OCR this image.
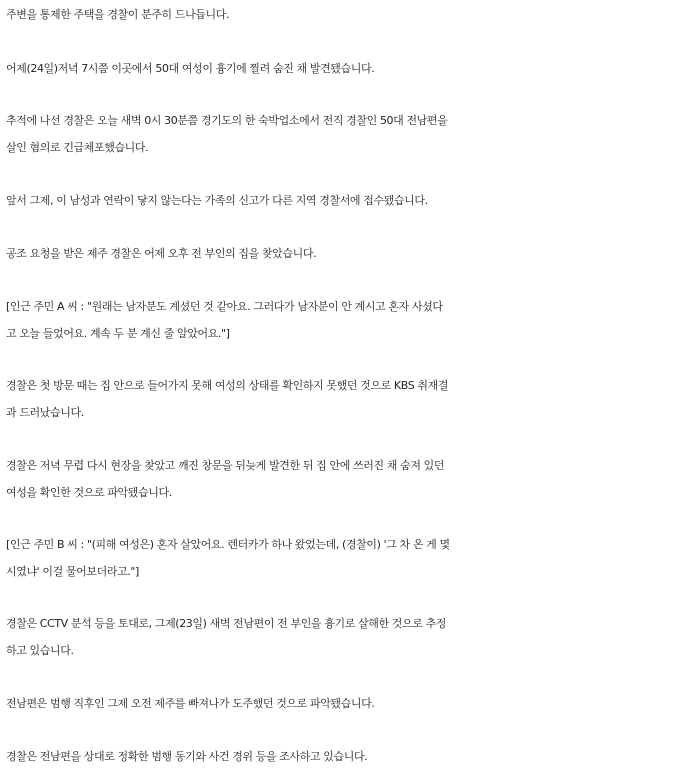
주변을 통제한 주택을 경찰이 분주히 드나듭니다.

어제(24일)저녁 7시쯤 이곳에서 50대 여성이 흉기에 찔려 숨진 채 발견됐습니다.

추적에 나선 경찰은 오늘 새벽 0시 30분쯤 경기도의 한 숙박업소에서 전직 경찰인 50대 전남편을
살인 혐의로 긴급체포했습니다.

앞서 그제, 이 남성과 연락이 닿지 않는다는 가족의 신고가 다른 지역 경찰서에 접수됐습니다.

공조 요청을 받은 제주 경찰은 어제 오후 전 부인의 집을 찾았습니다.

[인근 주민 A 씨 : "원래는 남자분도 계셨던 것 같아요. 그러다가 남자분이 안 계시고 혼자 사셨다
고 오늘 들었어요. 계속 두 분 계신 줄 알았어요."]

경찰은 첫 방문 때는 집 안으로 들어가지 못해 여성의 상태를 확인하지 못했던 것으로 KBS 취재결
과 드러났습니다.

경찰은 저녁 무렵 다시 현장을 찾았고 깨진 창문을 뒤늦게 발견한 뒤 집 안에 쓰러진 채 숨져 있던
여성을 확인한 것으로 파악됐습니다.

[인근 주민 B 씨 : "(피해 여성은) 혼자 살았어요. 렌터카가 하나 왔었는데, (경찰이) '그 차 온 게 몇
시였냐' 이걸 물어보더라고."]

경찰은 CCTV 분석 등을 토대로, 그제(23일) 새벽 전남편이 전 부인을 흉기로 살해한 것으로 추정
하고 있습니다.

전남편은 범행 직후인 그제 오전 제주를 빠져나가 도주했던 것으로 파악됐습니다.

경찰은 전남편을 상대로 정확한 범행 동기와 사건 경위 등을 조사하고 있습니다.
